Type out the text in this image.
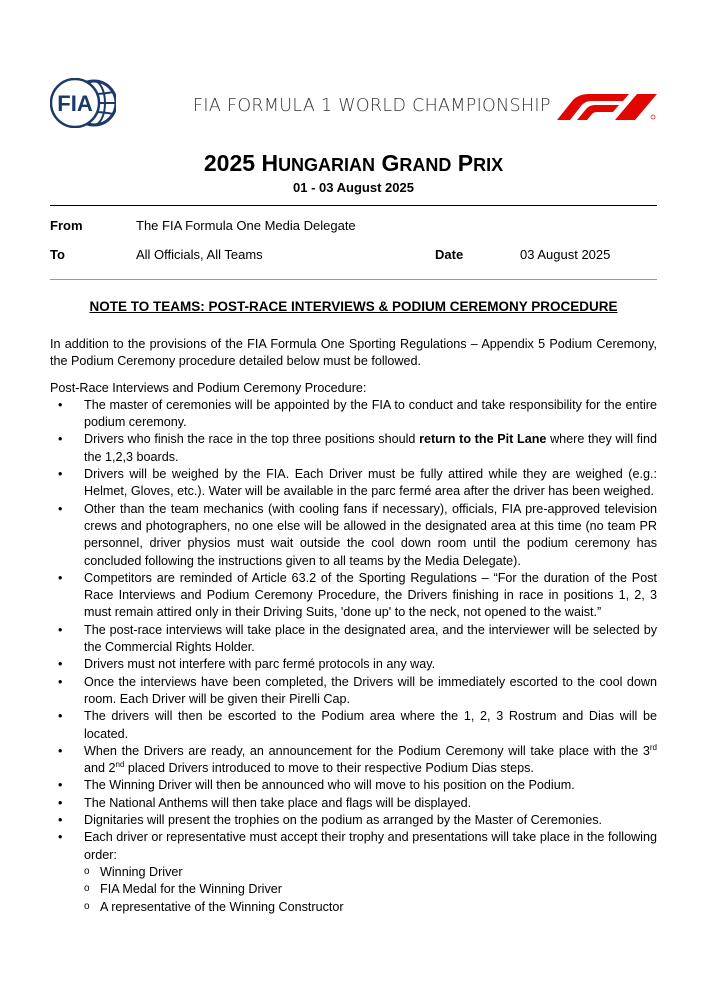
FIA	FIA FORMULA 1 WORLD CHAMPIONSHIP
2025 HUNGARIAN GRAND PRIX
01 - 03 August 2025
From	The FIA Formula One Media Delegate
To	All Officials, All Teams	Date	03 August 2025
NOTE TO TEAMS: POST-RACE INTERVIEWS & PODIUM CEREMONY PROCEDURE

In addition to the provisions of the FIA Formula One Sporting Regulations – Appendix 5 Podium Ceremony, the Podium Ceremony procedure detailed below must be followed.

Post-Race Interviews and Podium Ceremony Procedure:

• The master of ceremonies will be appointed by the FIA to conduct and take responsibility for the entire podium ceremony.
• Drivers who finish the race in the top three positions should return to the Pit Lane where they will find the 1,2,3 boards.
• Drivers will be weighed by the FIA. Each Driver must be fully attired while they are weighed (e.g.: Helmet, Gloves, etc.). Water will be available in the parc fermé area after the driver has been weighed.
• Other than the team mechanics (with cooling fans if necessary), officials, FIA pre-approved television crews and photographers, no one else will be allowed in the designated area at this time (no team PR personnel, driver physios must wait outside the cool down room until the podium ceremony has concluded following the instructions given to all teams by the Media Delegate).
• Competitors are reminded of Article 63.2 of the Sporting Regulations – “For the duration of the Post Race Interviews and Podium Ceremony Procedure, the Drivers finishing in race in positions 1, 2, 3 must remain attired only in their Driving Suits, 'done up' to the neck, not opened to the waist.”
• The post-race interviews will take place in the designated area, and the interviewer will be selected by the Commercial Rights Holder.
• Drivers must not interfere with parc fermé protocols in any way.
• Once the interviews have been completed, the Drivers will be immediately escorted to the cool down room. Each Driver will be given their Pirelli Cap.
• The drivers will then be escorted to the Podium area where the 1, 2, 3 Rostrum and Dias will be located.
• When the Drivers are ready, an announcement for the Podium Ceremony will take place with the 3rd and 2nd placed Drivers introduced to move to their respective Podium Dias steps.
• The Winning Driver will then be announced who will move to his position on the Podium.
• The National Anthems will then take place and flags will be displayed.
• Dignitaries will present the trophies on the podium as arranged by the Master of Ceremonies.
• Each driver or representative must accept their trophy and presentations will take place in the following order:
o Winning Driver
o FIA Medal for the Winning Driver
o A representative of the Winning Constructor
